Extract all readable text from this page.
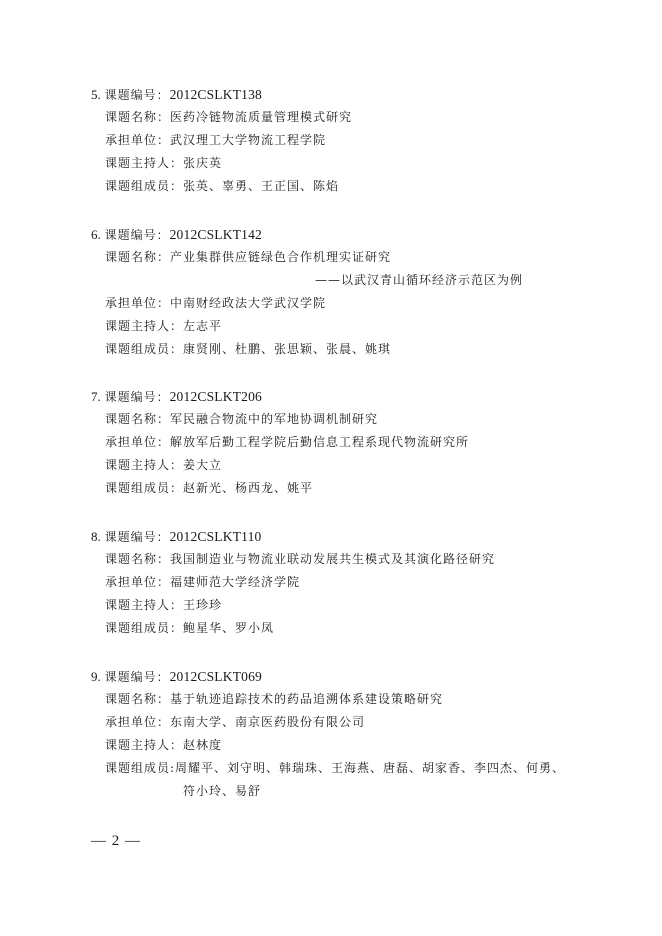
5. 课题编号：2012CSLKT138
课题名称：医药冷链物流质量管理模式研究
承担单位：武汉理工大学物流工程学院
课题主持人：张庆英
课题组成员：张英、辜勇、王正国、陈焰
6. 课题编号：2012CSLKT142
课题名称：产业集群供应链绿色合作机理实证研究
——以武汉青山循环经济示范区为例
承担单位：中南财经政法大学武汉学院
课题主持人：左志平
课题组成员：康贤刚、杜鹏、张思颖、张晨、姚琪
7. 课题编号：2012CSLKT206
课题名称：军民融合物流中的军地协调机制研究
承担单位：解放军后勤工程学院后勤信息工程系现代物流研究所
课题主持人：姜大立
课题组成员：赵新光、杨西龙、姚平
8. 课题编号：2012CSLKT110
课题名称：我国制造业与物流业联动发展共生模式及其演化路径研究
承担单位：福建师范大学经济学院
课题主持人：王珍珍
课题组成员：鲍星华、罗小凤
9. 课题编号：2012CSLKT069
课题名称：基于轨迹追踪技术的药品追溯体系建设策略研究
承担单位：东南大学、南京医药股份有限公司
课题主持人：赵林度
课题组成员:周耀平、刘守明、韩瑞珠、王海燕、唐磊、胡家香、李四杰、何勇、
符小玲、易舒
— 2 —
